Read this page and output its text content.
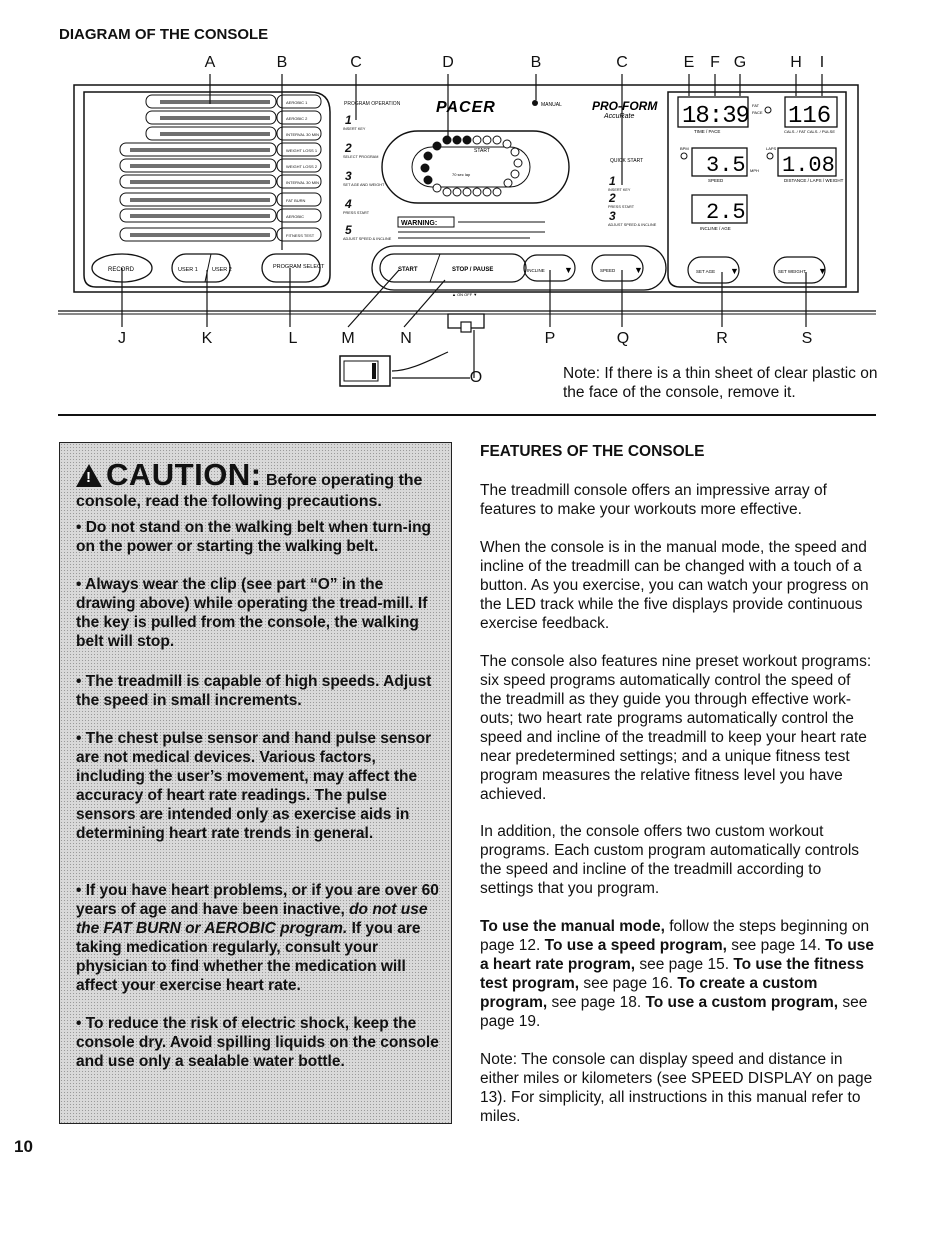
DIAGRAM OF THE CONSOLE
A	B	C	D	B	C	E F G	H	I
J	K	L	M	N	P	Q	R	S
O
AEROBIC 1
AEROBIC 2
INTERVAL 30 MIN
WEIGHT LOSS 1
WEIGHT LOSS 2
INTERVAL 30 MIN
FAT BURN
AEROBIC
FITNESS TEST
RECORD	USER 1	USER 2	PROGRAM SELECT
PROGRAM OPERATION
1
INSERT KEY
2
SELECT PROGRAM
3
SET AGE AND WEIGHT
4
PRESS START
5
ADJUST SPEED & INCLINE
PACER	MANUAL
START
70 sec lap
WARNING:
START	STOP / PAUSE	INCLINE ▼	SPEED ▼
▲ ON OFF ▼
PRO-FORM
AccuRate
QUICK START
1
INSERT KEY
2
PRESS START
3
ADJUST SPEED & INCLINE
18:39 FAT
PACE
TIME / PACE
116
CALS. / FAT CALS. / PULSE
BPM
3.5 MPH
SPEED
LAPS
1.08
DISTANCE / LAPS / WEIGHT
2.5
INCLINE / AGE
SET AGE ▼	SET WEIGHT ▼
Note: If there is a thin sheet of clear plastic on the face of the console, remove it.
!CAUTION: Before operating the
console, read the following precautions.
• Do not stand on the walking belt when turn-ing on the power or starting the walking belt.
• Always wear the clip (see part “O” in the drawing above) while operating the tread-mill. If the key is pulled from the console, the walking belt will stop.
• The treadmill is capable of high speeds. Adjust the speed in small increments.
• The chest pulse sensor and hand pulse sensor are not medical devices. Various factors, including the user’s movement, may affect the accuracy of heart rate readings. The pulse sensors are intended only as exercise aids in determining heart rate trends in general.
• If you have heart problems, or if you are over 60 years of age and have been inactive, do not use the FAT BURN or AEROBIC program. If you are taking medication regularly, consult your physician to find whether the medication will affect your exercise heart rate.
• To reduce the risk of electric shock, keep the console dry. Avoid spilling liquids on the console and use only a sealable water bottle.
FEATURES OF THE CONSOLE
The treadmill console offers an impressive array of features to make your workouts more effective.
When the console is in the manual mode, the speed and incline of the treadmill can be changed with a touch of a button. As you exercise, you can watch your progress on the LED track while the five displays provide continuous exercise feedback.
The console also features nine preset workout programs: six speed programs automatically control the speed of the treadmill as they guide you through effective work-outs; two heart rate programs automatically control the speed and incline of the treadmill to keep your heart rate near predetermined settings; and a unique fitness test program measures the relative fitness level you have achieved.
In addition, the console offers two custom workout programs. Each custom program automatically controls the speed and incline of the treadmill according to settings that you program.
To use the manual mode, follow the steps beginning on page 12. To use a speed program, see page 14. To use a heart rate program, see page 15. To use the fitness test program, see page 16. To create a custom program, see page 18. To use a custom program, see page 19.
Note: The console can display speed and distance in either miles or kilometers (see SPEED DISPLAY on page 13). For simplicity, all instructions in this manual refer to miles.
10
